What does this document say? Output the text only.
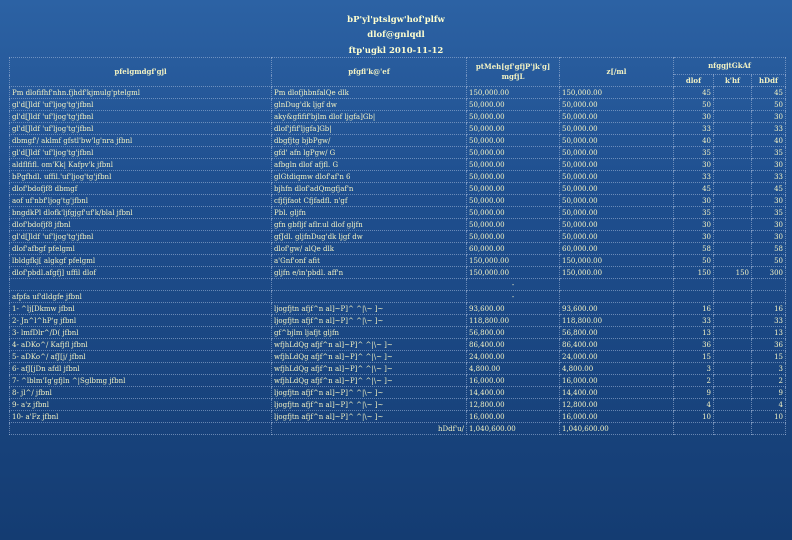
bP'yl'ptslgw'hof'plfw
dlof@gnlqdl
ftp'ugkl 2010-11-12
pfelgmdgf'gjl	pfgfl'k@'ef	ptMeh[gf'gfjP'jk'g]
mgfjL	z[/ml	nfggjtGkAf		
				dlof	k'hf	hDdf
Pm dlofifhf'nhn.fjhdf'kjmulg'ptelgml	Pm dlofjhbnfalQe dlk	150,000.00	150,000.00	45		45
gl'd[Jldf 'uf'ljog'tg'jfbnl	glnDug'dk ljgf dw	50,000.00	50,000.00	50		50
gl'd[Jldf 'uf'ljog'tg'jfbnl	aky&gfifif'bjlm dlof ljgfa]Gb|	50,000.00	50,000.00	30		30
gl'd[Jldf 'uf'ljog'tg'jfbnl	dlof'jfif'ljgfa]Gb|	50,000.00	50,000.00	33		33
dbmgf'/ aklmf gfstl'bw'lg'nra jfbnl	dbgfjtg bjbPgw/	50,000.00	50,000.00	40		40
gl'd[Jldf 'uf'ljog'tg'jfbnl	gfd' afn lgPgw/ G	50,000.00	50,000.00	35		35
aldflfifl. om'Kk| Kafpv'k jfbnl	afbgln dlof afjfl. G	50,000.00	50,000.00	30		30
bPgfhdl. uffil.'uf'ljog'tg'jfbnl	glGtdiqmw dlof'af'n 6	50,000.00	50,000.00	33		33
dlof'bdofjf8 dbmgf	bjhfn dlof'adQmgfjaf'n	50,000.00	50,000.00	45		45
aof uf'nbf'ljog'tg'jfbnl	cfjfjfaot Cfjfadfl. n'gf	50,000.00	50,000.00	30		30
bngdkPl dlofk'ljfgjgf'uf'k/blal jfbnl	Pbl. gljfn	50,000.00	50,000.00	35		35
dlof'bdofjf8 jfbnl	gfn gbfljf aflr.ul dlof gljfn	50,000.00	50,000.00	30		30
gl'd[Jldf 'uf'ljog'tg'jfbnl	gfJdl. gljfnDug'dk ljgf dw	50,000.00	50,000.00	30		30
dlof'afbgf pfelgml	dlof'gw/ alQe dlk	60,000.00	60,000.00	58		58
lbldgfkj[ algkgf pfelgml	a'Gnf'onf afit	150,000.00	150,000.00	50		50
dlof'pbdl.afgfj] uffil dlof	gljfn e/in'pbdl. aff'n	150,000.00	150,000.00	150	150	300
		-				
afpfa uf'dldgfe jfbnl		-				
1- ^lj[Dkmw jfbnl	ljogfjtn afjf^n al]~P]^ ^|\~ ]~	93,600.00	93,600.00	16		16
2- Jn^l^hP'g jfbnl	ljogfjtn afjf^n al]~P]^ ^|\~ ]~	118,800.00	118,800.00	33		33
3- lmfDlr^/D( jfbnl	gf^bjlm ljafjt gljfn	56,800.00	56,800.00	13		13
4- aDKo^/ Kafjfl jfbnl	wfjhLdQg afjf^n al]~P]^ ^|\~ ]~	86,400.00	86,400.00	36		36
5- aDKo^/ afJ[j/ jfbnl	wfjhLdQg afjf^n al]~P]^ ^|\~ ]~	24,000.00	24,000.00	15		15
6- afJ[jDn afdl jfbnl	wfjhLdQg afjf^n al]~P]^ ^|\~ ]~	4,800.00	4,800.00	3		3
7- ^lblm'Ig'gfjln ^|Sglbmg jfbnl	wfjhLdQg afjf^n al]~P]^ ^|\~ ]~	16,000.00	16,000.00	2		2
8- jl^/ jfbnl	ljogfjtn afjf^n al]~P]^ ^|\~ ]~	14,400.00	14,400.00	9		9
9- a'z jfbnl	ljogfjtn afjf^n al]~P]^ ^|\~ ]~	12,800.00	12,800.00	4		4
10- a'Fz jfbnl	ljogfjtn afjf^n al]~P]^ ^|\~ ]~	16,000.00	16,000.00	10		10
	hDdf'u/	1,040,600.00	1,040,600.00			
